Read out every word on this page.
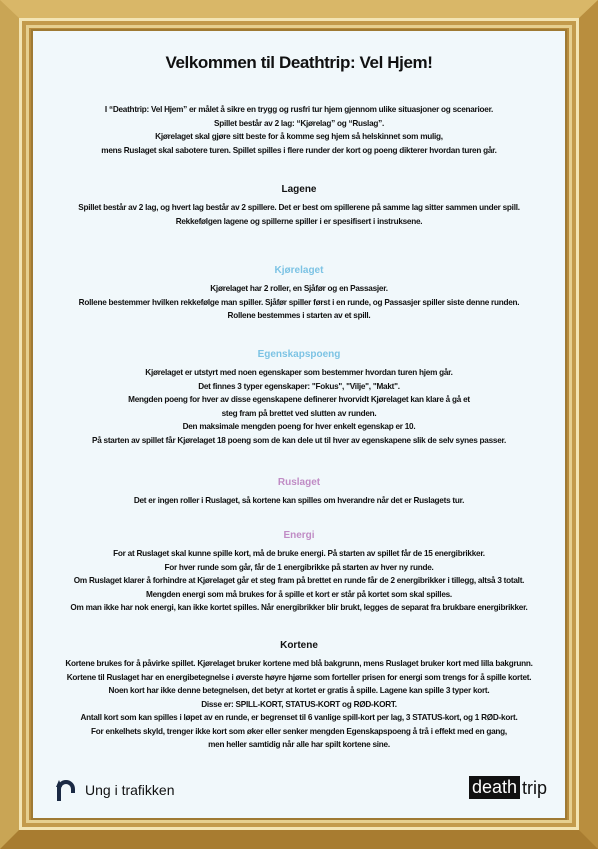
Velkommen til Deathtrip: Vel Hjem!

I “Deathtrip: Vel Hjem” er målet å sikre en trygg og rusfri tur hjem gjennom ulike situasjoner og scenarioer.

Spillet består av 2 lag: “Kjørelag” og “Ruslag”.

Kjørelaget skal gjøre sitt beste for å komme seg hjem så helskinnet som mulig,

mens Ruslaget skal sabotere turen. Spillet spilles i flere runder der kort og poeng dikterer hvordan turen går.

Lagene

Spillet består av 2 lag, og hvert lag består av 2 spillere. Det er best om spillerene på samme lag sitter sammen under spill.

Rekkefølgen lagene og spillerne spiller i er spesifisert i instruksene.

Kjørelaget

Kjørelaget har 2 roller, en Sjåfør og en Passasjer.

Rollene bestemmer hvilken rekkefølge man spiller. Sjåfør spiller først i en runde, og Passasjer spiller siste denne runden.

Rollene bestemmes i starten av et spill.

Egenskapspoeng

Kjørelaget er utstyrt med noen egenskaper som bestemmer hvordan turen hjem går.

Det finnes 3 typer egenskaper: "Fokus", "Vilje", "Makt".

Mengden poeng for hver av disse egenskapene definerer hvorvidt Kjørelaget kan klare å gå et

steg fram på brettet ved slutten av runden.

Den maksimale mengden poeng for hver enkelt egenskap er 10.

På starten av spillet får Kjørelaget 18 poeng som de kan dele ut til hver av egenskapene slik de selv synes passer.

Ruslaget

Det er ingen roller i Ruslaget, så kortene kan spilles om hverandre når det er Ruslagets tur.

Energi

For at Ruslaget skal kunne spille kort, må de bruke energi. På starten av spillet får de 15 energibrikker.

For hver runde som går, får de 1 energibrikke på starten av hver ny runde.

Om Ruslaget klarer å forhindre at Kjørelaget går et steg fram på brettet en runde får de 2 energibrikker i tillegg, altså 3 totalt.

Mengden energi som må brukes for å spille et kort er står på kortet som skal spilles.

Om man ikke har nok energi, kan ikke kortet spilles. Når energibrikker blir brukt, legges de separat fra brukbare energibrikker.

Kortene

Kortene brukes for å påvirke spillet. Kjørelaget bruker kortene med blå bakgrunn, mens Ruslaget bruker kort med lilla bakgrunn.

Kortene til Ruslaget har en energibetegnelse i øverste høyre hjørne som forteller prisen for energi som trengs for å spille kortet.

Noen kort har ikke denne betegnelsen, det betyr at kortet er gratis å spille. Lagene kan spille 3 typer kort.

Disse er: SPILL-KORT, STATUS-KORT og RØD-KORT.

Antall kort som kan spilles i løpet av en runde, er begrenset til 6 vanlige spill-kort per lag, 3 STATUS-kort, og 1 RØD-kort.

For enkelhets skyld, trenger ikke kort som øker eller senker mengden Egenskapspoeng å trå i effekt med en gang,

men heller samtidig når alle har spilt kortene sine.

Ung i trafikken	death trip
